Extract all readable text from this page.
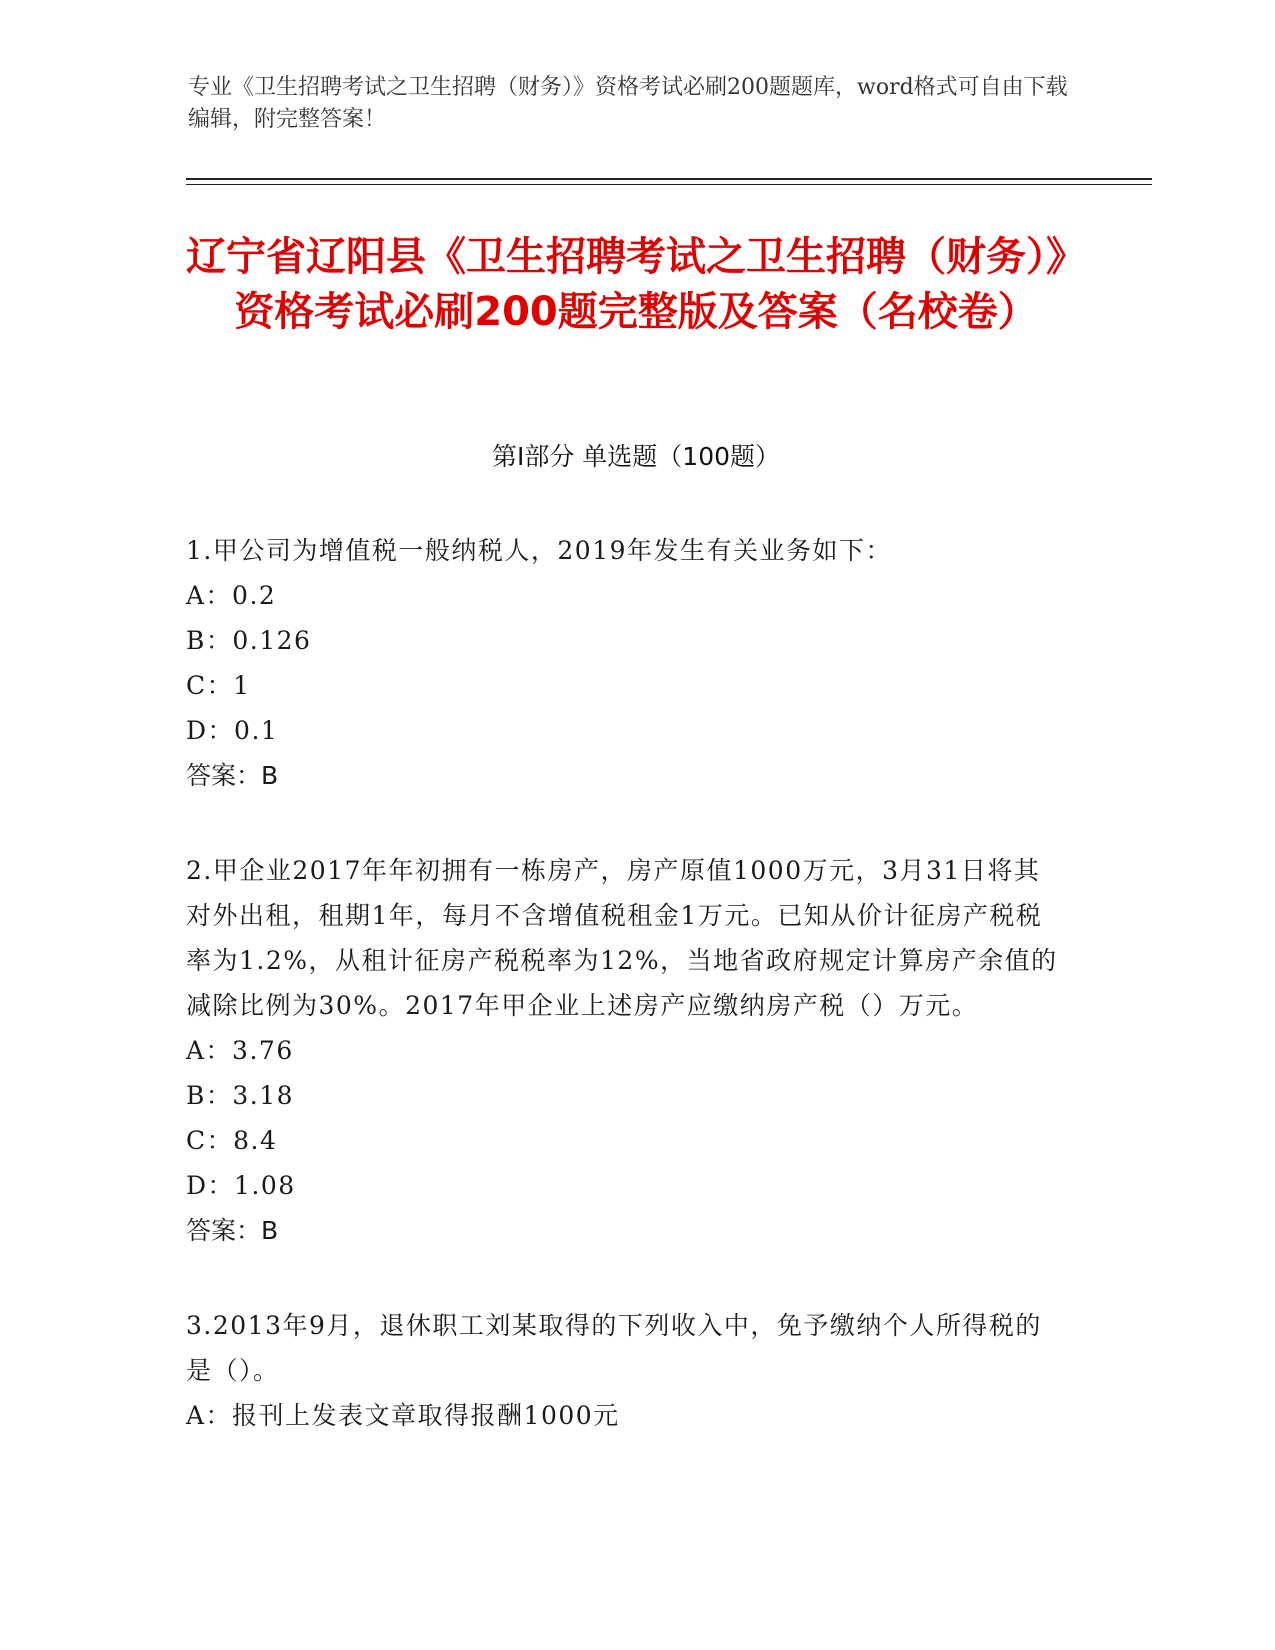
专业《卫生招聘考试之卫生招聘（财务）》资格考试必刷200题题库，word格式可自由下载编辑，附完整答案！
辽宁省辽阳县《卫生招聘考试之卫生招聘（财务）》资格考试必刷200题完整版及答案（名校卷）
第Ⅰ部分 单选题（100题）
1.甲公司为增值税一般纳税人，2019年发生有关业务如下：
A：0.2
B：0.126
C：1
D：0.1
答案：B
2.甲企业2017年年初拥有一栋房产，房产原值1000万元，3月31日将其对外出租，租期1年，每月不含增值税租金1万元。已知从价计征房产税税率为1.2%，从租计征房产税税率为12%，当地省政府规定计算房产余值的减除比例为30%。2017年甲企业上述房产应缴纳房产税（）万元。
A：3.76
B：3.18
C：8.4
D：1.08
答案：B
3.2013年9月，退休职工刘某取得的下列收入中，免予缴纳个人所得税的是（）。
A：报刊上发表文章取得报酬1000元
